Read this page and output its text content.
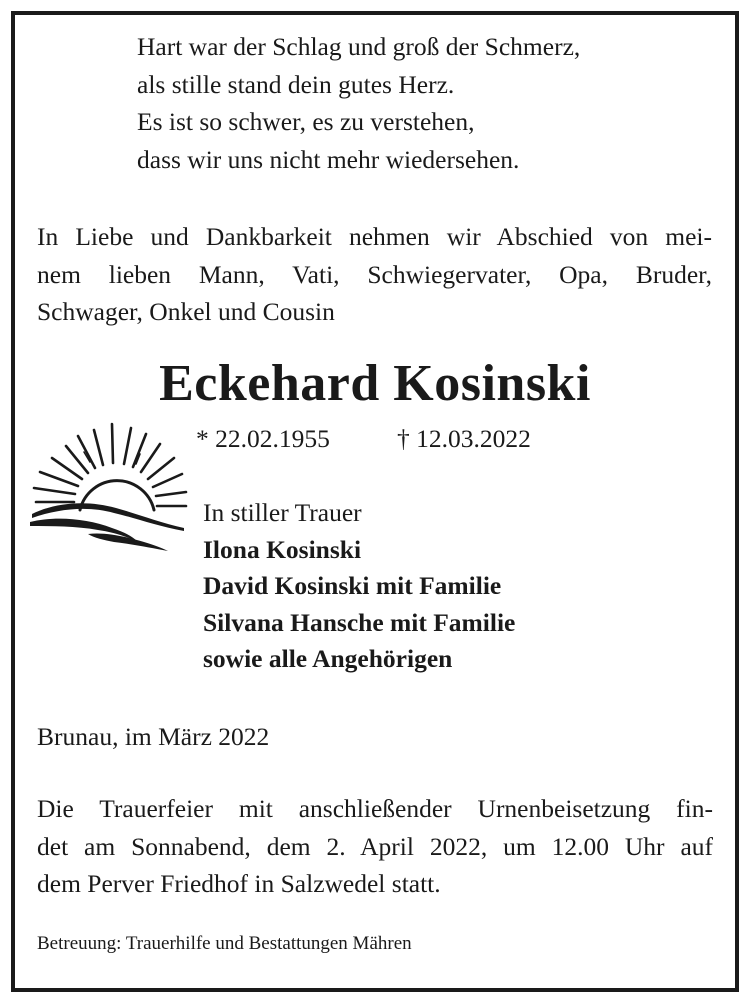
Hart war der Schlag und groß der Schmerz,
als stille stand dein gutes Herz.
Es ist so schwer, es zu verstehen,
dass wir uns nicht mehr wiedersehen.
In Liebe und Dankbarkeit nehmen wir Abschied von mei-
nem lieben Mann, Vati, Schwiegervater, Opa, Bruder,
Schwager, Onkel und Cousin
Eckehard Kosinski
* 22.02.1955	† 12.03.2022
In stiller Trauer
Ilona Kosinski
David Kosinski mit Familie
Silvana Hansche mit Familie
sowie alle Angehörigen
Brunau, im März 2022
Die Trauerfeier mit anschließender Urnenbeisetzung fin-
det am Sonnabend, dem 2. April 2022, um 12.00 Uhr auf
dem Perver Friedhof in Salzwedel statt.
Betreuung: Trauerhilfe und Bestattungen Mähren
